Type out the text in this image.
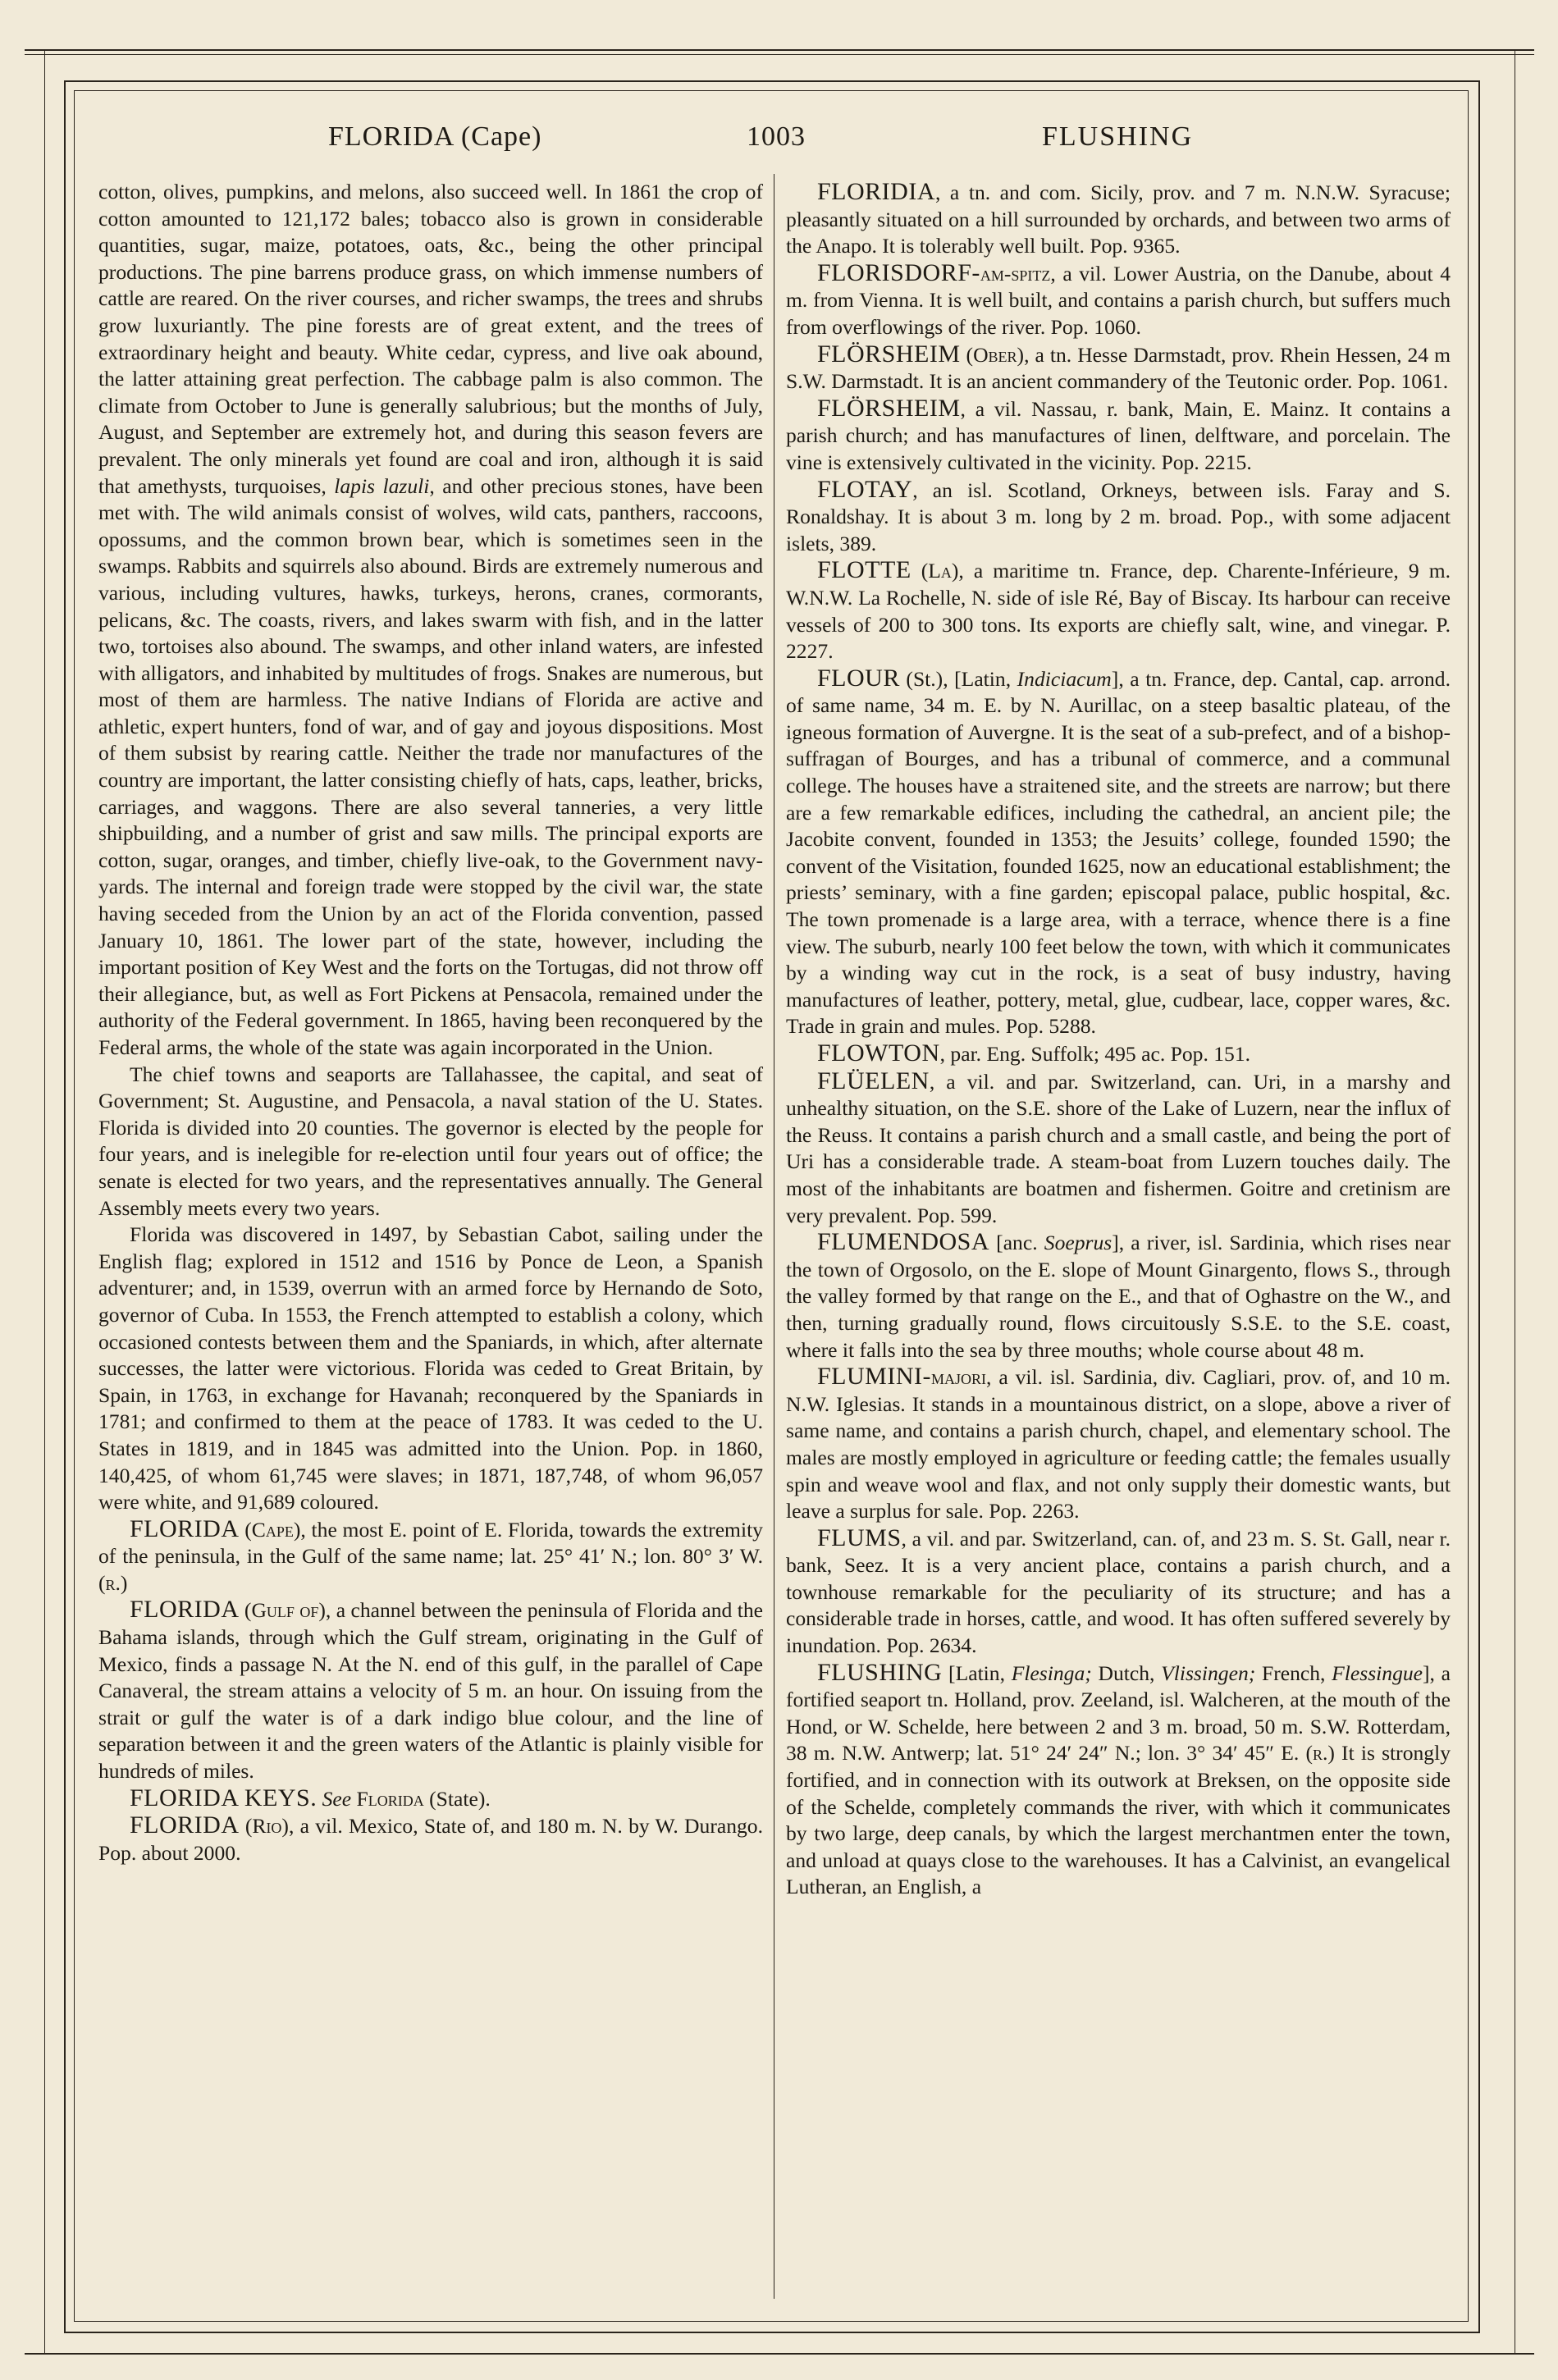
FLORIDA (Cape)	1003	FLUSHING

cotton, olives, pumpkins, and melons, also succeed well. In 1861 the crop of cotton amounted to 121,172 bales; tobacco also is grown in considerable quantities, sugar, maize, potatoes, oats, &c., being the other principal productions. The pine barrens produce grass, on which immense numbers of cattle are reared. On the river courses, and richer swamps, the trees and shrubs grow luxuriantly. The pine forests are of great extent, and the trees of extraordinary height and beauty. White cedar, cypress, and live oak abound, the latter attaining great perfection. The cabbage palm is also common. The climate from October to June is generally salubrious; but the months of July, August, and September are extremely hot, and during this season fevers are prevalent. The only minerals yet found are coal and iron, although it is said that amethysts, turquoises, lapis lazuli, and other precious stones, have been met with. The wild animals consist of wolves, wild cats, panthers, raccoons, opossums, and the common brown bear, which is sometimes seen in the swamps. Rabbits and squirrels also abound. Birds are extremely numerous and various, including vultures, hawks, turkeys, herons, cranes, cormorants, pelicans, &c. The coasts, rivers, and lakes swarm with fish, and in the latter two, tortoises also abound. The swamps, and other inland waters, are infested with alligators, and inhabited by multitudes of frogs. Snakes are numerous, but most of them are harmless. The native Indians of Florida are active and athletic, expert hunters, fond of war, and of gay and joyous dispositions. Most of them subsist by rearing cattle. Neither the trade nor manufactures of the country are important, the latter consisting chiefly of hats, caps, leather, bricks, carriages, and waggons. There are also several tanneries, a very little shipbuilding, and a number of grist and saw mills. The principal exports are cotton, sugar, oranges, and timber, chiefly live-oak, to the Government navy-yards. The internal and foreign trade were stopped by the civil war, the state having seceded from the Union by an act of the Florida convention, passed January 10, 1861. The lower part of the state, however, including the important position of Key West and the forts on the Tortugas, did not throw off their allegiance, but, as well as Fort Pickens at Pensacola, remained under the authority of the Federal government. In 1865, having been reconquered by the Federal arms, the whole of the state was again incorporated in the Union.

The chief towns and seaports are Tallahassee, the capital, and seat of Government; St. Augustine, and Pensacola, a naval station of the U. States. Florida is divided into 20 counties. The governor is elected by the people for four years, and is inelegible for re-election until four years out of office; the senate is elected for two years, and the representatives annually. The General Assembly meets every two years.

Florida was discovered in 1497, by Sebastian Cabot, sailing under the English flag; explored in 1512 and 1516 by Ponce de Leon, a Spanish adventurer; and, in 1539, overrun with an armed force by Hernando de Soto, governor of Cuba. In 1553, the French attempted to establish a colony, which occasioned contests between them and the Spaniards, in which, after alternate successes, the latter were victorious. Florida was ceded to Great Britain, by Spain, in 1763, in exchange for Havanah; reconquered by the Spaniards in 1781; and confirmed to them at the peace of 1783. It was ceded to the U. States in 1819, and in 1845 was admitted into the Union. Pop. in 1860, 140,425, of whom 61,745 were slaves; in 1871, 187,748, of whom 96,057 were white, and 91,689 coloured.

FLORIDA (Cape), the most E. point of E. Florida, towards the extremity of the peninsula, in the Gulf of the same name; lat. 25° 41′ N.; lon. 80° 3′ W. (r.)

FLORIDA (Gulf of), a channel between the peninsula of Florida and the Bahama islands, through which the Gulf stream, originating in the Gulf of Mexico, finds a passage N. At the N. end of this gulf, in the parallel of Cape Canaveral, the stream attains a velocity of 5 m. an hour. On issuing from the strait or gulf the water is of a dark indigo blue colour, and the line of separation between it and the green waters of the Atlantic is plainly visible for hundreds of miles.

FLORIDA KEYS. See Florida (State).

FLORIDA (Rio), a vil. Mexico, State of, and 180 m. N. by W. Durango. Pop. about 2000.

FLORIDIA, a tn. and com. Sicily, prov. and 7 m. N.N.W. Syracuse; pleasantly situated on a hill surrounded by orchards, and between two arms of the Anapo. It is tolerably well built. Pop. 9365.

FLORISDORF-am-spitz, a vil. Lower Austria, on the Danube, about 4 m. from Vienna. It is well built, and contains a parish church, but suffers much from overflowings of the river. Pop. 1060.

FLÖRSHEIM (Ober), a tn. Hesse Darmstadt, prov. Rhein Hessen, 24 m S.W. Darmstadt. It is an ancient commandery of the Teutonic order. Pop. 1061.

FLÖRSHEIM, a vil. Nassau, r. bank, Main, E. Mainz. It contains a parish church; and has manufactures of linen, delftware, and porcelain. The vine is extensively cultivated in the vicinity. Pop. 2215.

FLOTAY, an isl. Scotland, Orkneys, between isls. Faray and S. Ronaldshay. It is about 3 m. long by 2 m. broad. Pop., with some adjacent islets, 389.

FLOTTE (La), a maritime tn. France, dep. Charente-Inférieure, 9 m. W.N.W. La Rochelle, N. side of isle Ré, Bay of Biscay. Its harbour can receive vessels of 200 to 300 tons. Its exports are chiefly salt, wine, and vinegar. P. 2227.

FLOUR (St.), [Latin, Indiciacum], a tn. France, dep. Cantal, cap. arrond. of same name, 34 m. E. by N. Aurillac, on a steep basaltic plateau, of the igneous formation of Auvergne. It is the seat of a sub-prefect, and of a bishop-suffragan of Bourges, and has a tribunal of commerce, and a communal college. The houses have a straitened site, and the streets are narrow; but there are a few remarkable edifices, including the cathedral, an ancient pile; the Jacobite convent, founded in 1353; the Jesuits’ college, founded 1590; the convent of the Visitation, founded 1625, now an educational establishment; the priests’ seminary, with a fine garden; episcopal palace, public hospital, &c. The town promenade is a large area, with a terrace, whence there is a fine view. The suburb, nearly 100 feet below the town, with which it communicates by a winding way cut in the rock, is a seat of busy industry, having manufactures of leather, pottery, metal, glue, cudbear, lace, copper wares, &c. Trade in grain and mules. Pop. 5288.

FLOWTON, par. Eng. Suffolk; 495 ac. Pop. 151.

FLÜELEN, a vil. and par. Switzerland, can. Uri, in a marshy and unhealthy situation, on the S.E. shore of the Lake of Luzern, near the influx of the Reuss. It contains a parish church and a small castle, and being the port of Uri has a considerable trade. A steam-boat from Luzern touches daily. The most of the inhabitants are boatmen and fishermen. Goitre and cretinism are very prevalent. Pop. 599.

FLUMENDOSA [anc. Soeprus], a river, isl. Sardinia, which rises near the town of Orgosolo, on the E. slope of Mount Ginargento, flows S., through the valley formed by that range on the E., and that of Oghastre on the W., and then, turning gradually round, flows circuitously S.S.E. to the S.E. coast, where it falls into the sea by three mouths; whole course about 48 m.

FLUMINI-majori, a vil. isl. Sardinia, div. Cagliari, prov. of, and 10 m. N.W. Iglesias. It stands in a mountainous district, on a slope, above a river of same name, and contains a parish church, chapel, and elementary school. The males are mostly employed in agriculture or feeding cattle; the females usually spin and weave wool and flax, and not only supply their domestic wants, but leave a surplus for sale. Pop. 2263.

FLUMS, a vil. and par. Switzerland, can. of, and 23 m. S. St. Gall, near r. bank, Seez. It is a very ancient place, contains a parish church, and a townhouse remarkable for the peculiarity of its structure; and has a considerable trade in horses, cattle, and wood. It has often suffered severely by inundation. Pop. 2634.

FLUSHING [Latin, Flesinga; Dutch, Vlissingen; French, Flessingue], a fortified seaport tn. Holland, prov. Zeeland, isl. Walcheren, at the mouth of the Hond, or W. Schelde, here between 2 and 3 m. broad, 50 m. S.W. Rotterdam, 38 m. N.W. Antwerp; lat. 51° 24′ 24″ N.; lon. 3° 34′ 45″ E. (r.) It is strongly fortified, and in connection with its outwork at Breksen, on the opposite side of the Schelde, completely commands the river, with which it communicates by two large, deep canals, by which the largest merchantmen enter the town, and unload at quays close to the warehouses. It has a Calvinist, an evangelical Lutheran, an English, a
